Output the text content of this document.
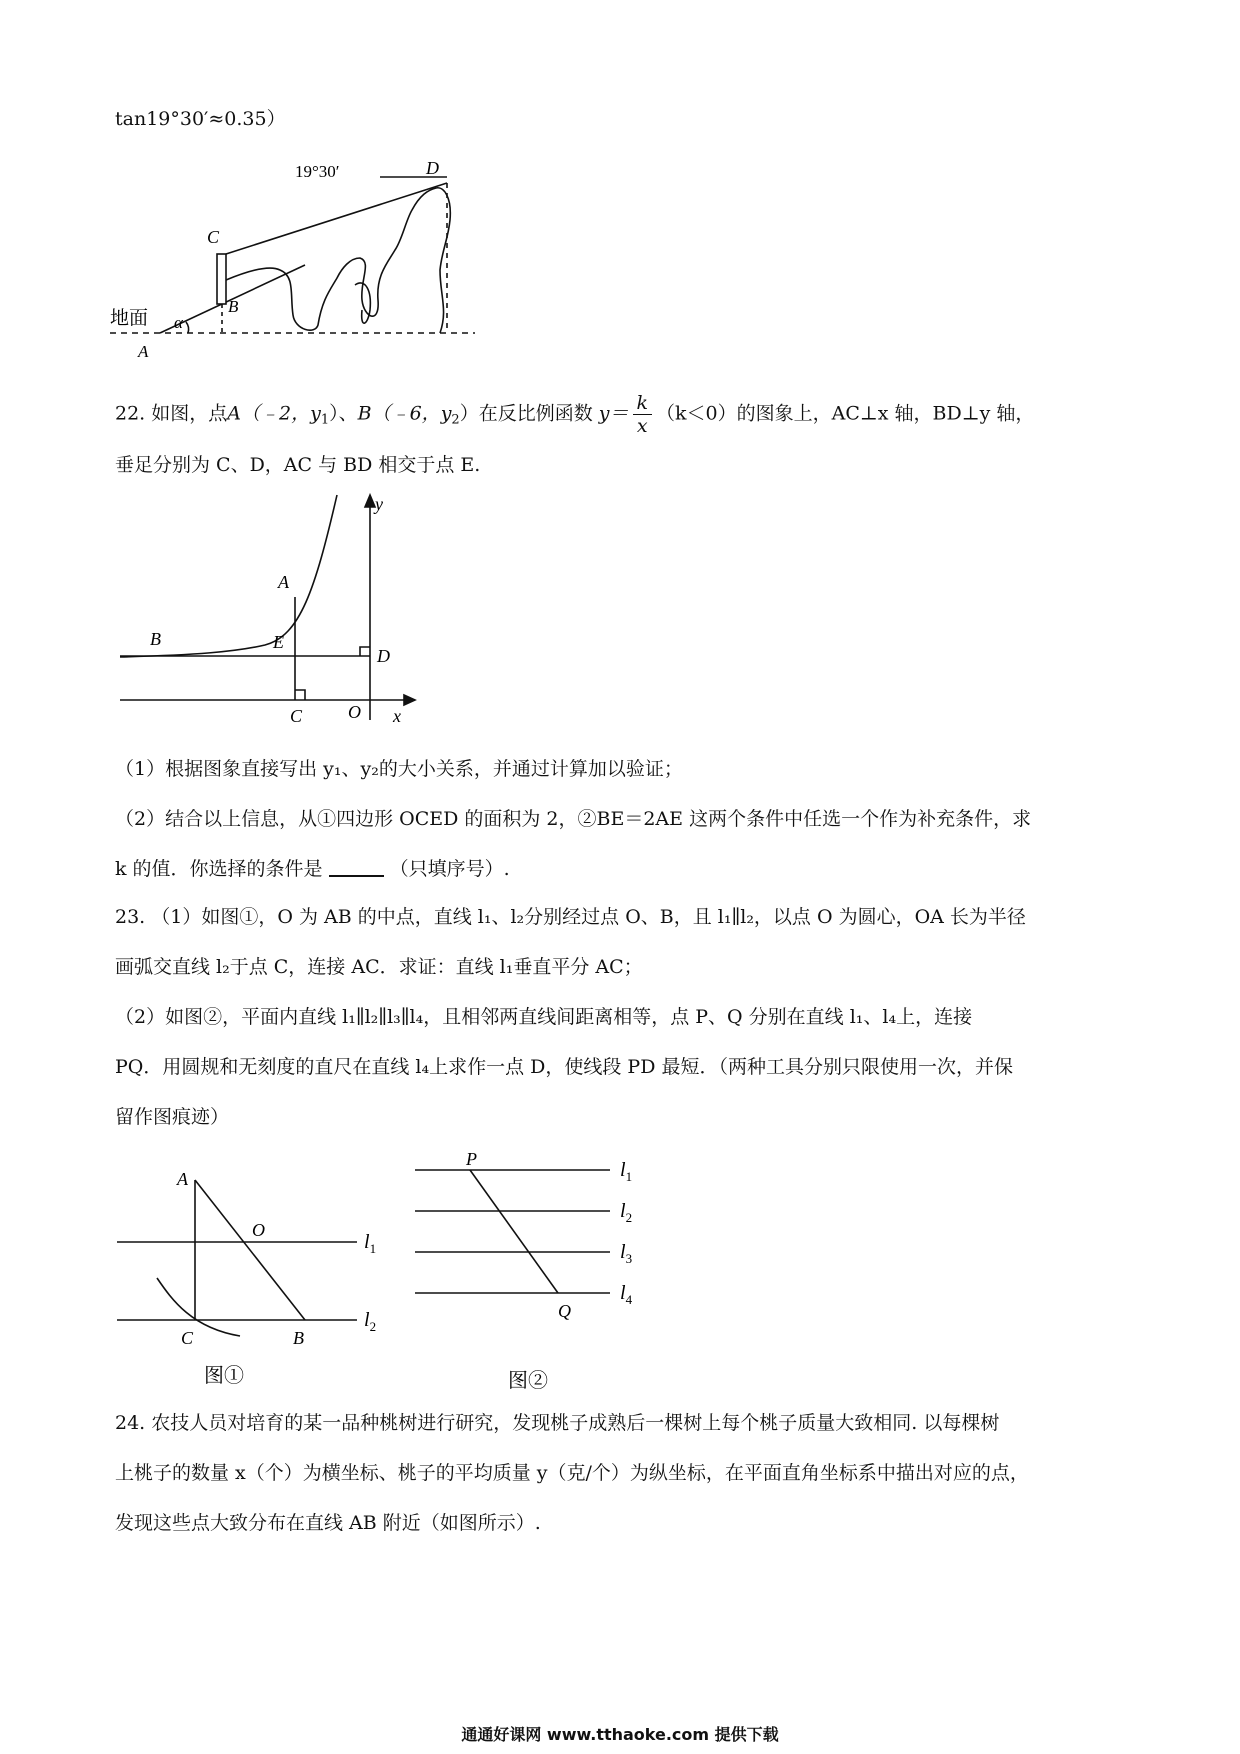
tan19°30′≈0.35）
D
19°30′
C
B
地面 α
A
22. 如图，点A（﹣2，$y_1$）、B（﹣6，$y_2$）在反比例函数 $y= \frac{k}{x} (k<0)$的图象上，AC⊥x 轴，BD⊥y 轴，
垂足分别为 C、D，AC 与 BD 相交于点 E.
y
x
A
B	E
D
C	O
（1）根据图象直接写出 y₁、y₂的大小关系，并通过计算加以验证；
（2）结合以上信息，从①四边形 OCED 的面积为 2，②BE＝2AE 这两个条件中任选一个作为补充条件，求
k 的值．你选择的条件是	（只填序号）.
23. （1）如图①，O 为 AB 的中点，直线 l₁、l₂分别经过点 O、B，且 l₁∥l₂，以点 O 为圆心，OA 长为半径
画弧交直线 l₂于点 C，连接 AC．求证：直线 l₁垂直平分 AC；
（2）如图②，平面内直线 l₁∥l₂∥l₃∥l₄，且相邻两直线间距离相等，点 P、Q 分别在直线 l₁、l₄上，连接
PQ．用圆规和无刻度的直尺在直线 l₄上求作一点 D，使线段 PD 最短．（两种工具分别只限使用一次，并保
留作图痕迹）
A
O
C	B
$l_1$
$l_2$
图①
P
Q
$l_1$
$l_2$
$l_3$
$l_4$
图②
24. 农技人员对培育的某一品种桃树进行研究，发现桃子成熟后一棵树上每个桃子质量大致相同. 以每棵树
上桃子的数量 x（个）为横坐标、桃子的平均质量 y（克/个）为纵坐标，在平面直角坐标系中描出对应的点，
发现这些点大致分布在直线 AB 附近（如图所示）.
通通好课网 www.tthaoke.com 提供下载
